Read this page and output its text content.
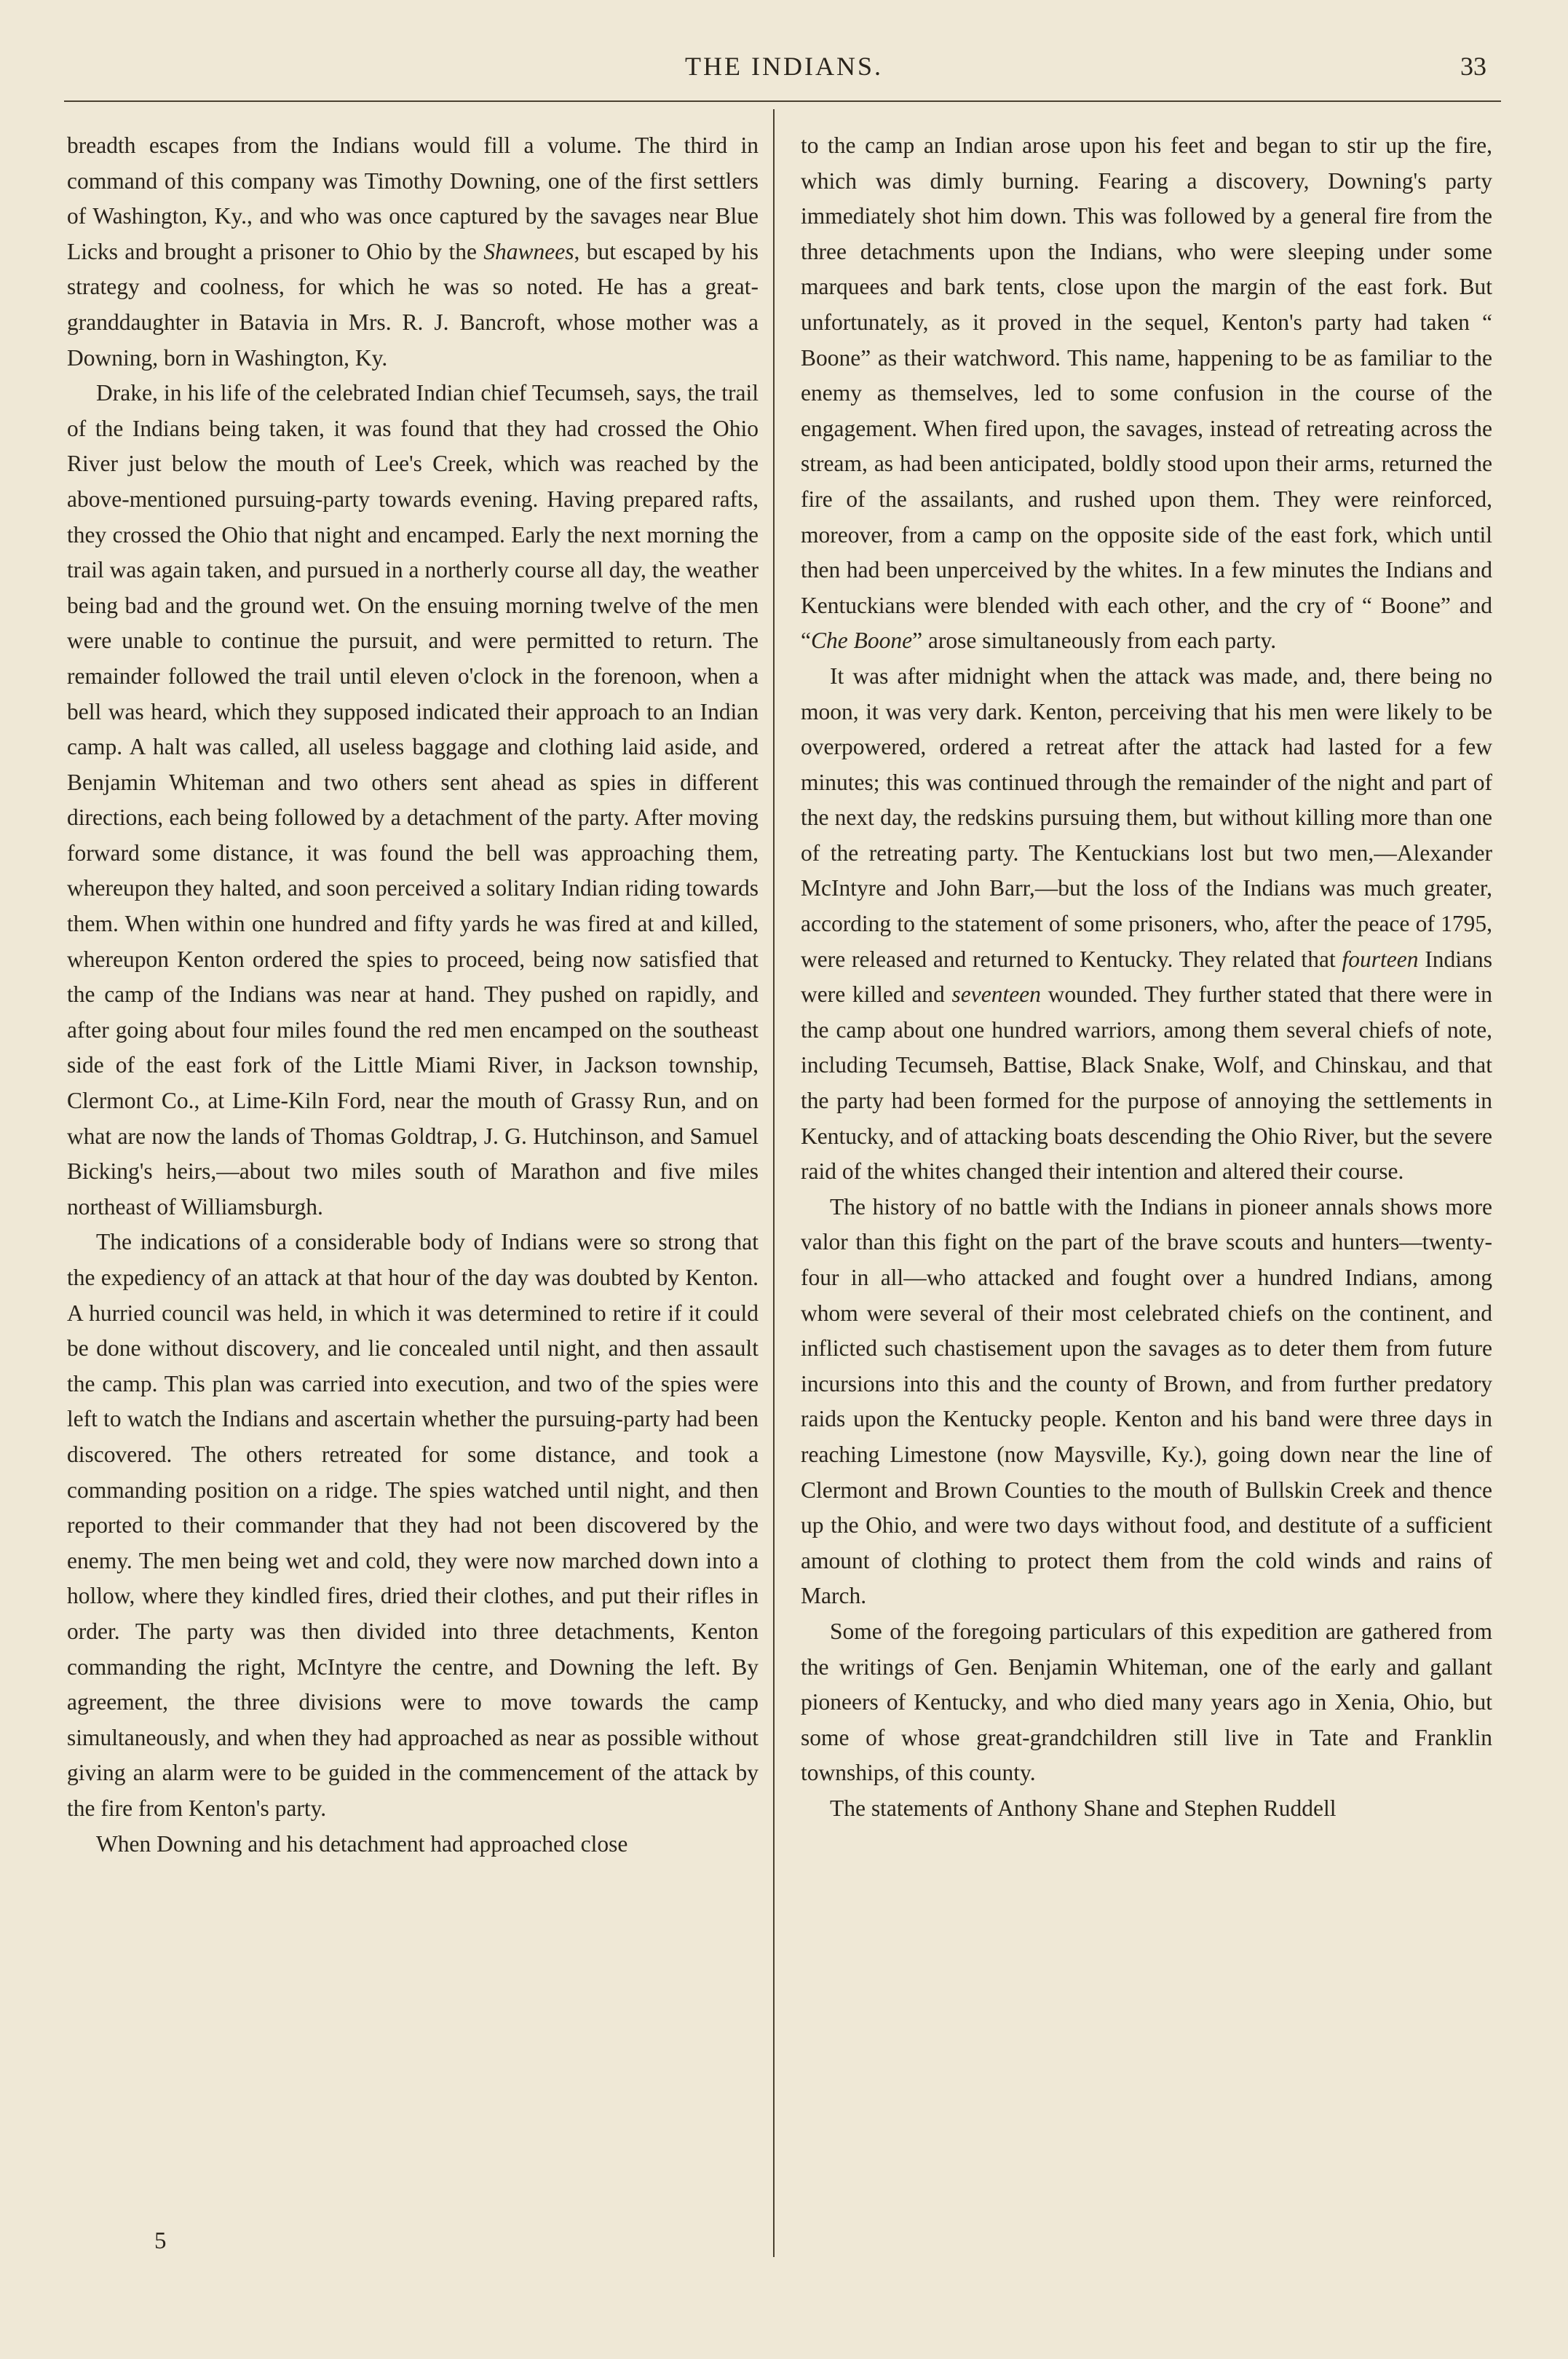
THE INDIANS.	33

breadth escapes from the Indians would fill a volume. The third in command of this company was Timothy Downing, one of the first settlers of Washington, Ky., and who was once captured by the savages near Blue Licks and brought a prisoner to Ohio by the Shawnees, but escaped by his strategy and coolness, for which he was so noted. He has a great-granddaughter in Batavia in Mrs. R. J. Bancroft, whose mother was a Downing, born in Washington, Ky.

Drake, in his life of the celebrated Indian chief Tecumseh, says, the trail of the Indians being taken, it was found that they had crossed the Ohio River just below the mouth of Lee's Creek, which was reached by the above-mentioned pursuing-party towards evening. Having prepared rafts, they crossed the Ohio that night and encamped. Early the next morning the trail was again taken, and pursued in a northerly course all day, the weather being bad and the ground wet. On the ensuing morning twelve of the men were unable to continue the pursuit, and were permitted to return. The remainder followed the trail until eleven o'clock in the forenoon, when a bell was heard, which they supposed indicated their approach to an Indian camp. A halt was called, all useless baggage and clothing laid aside, and Benjamin Whiteman and two others sent ahead as spies in different directions, each being followed by a detachment of the party. After moving forward some distance, it was found the bell was approaching them, whereupon they halted, and soon perceived a solitary Indian riding towards them. When within one hundred and fifty yards he was fired at and killed, whereupon Kenton ordered the spies to proceed, being now satisfied that the camp of the Indians was near at hand. They pushed on rapidly, and after going about four miles found the red men encamped on the southeast side of the east fork of the Little Miami River, in Jackson township, Clermont Co., at Lime-Kiln Ford, near the mouth of Grassy Run, and on what are now the lands of Thomas Goldtrap, J. G. Hutchinson, and Samuel Bicking's heirs,—about two miles south of Marathon and five miles northeast of Williamsburgh.

The indications of a considerable body of Indians were so strong that the expediency of an attack at that hour of the day was doubted by Kenton. A hurried council was held, in which it was determined to retire if it could be done without discovery, and lie concealed until night, and then assault the camp. This plan was carried into execution, and two of the spies were left to watch the Indians and ascertain whether the pursuing-party had been discovered. The others retreated for some distance, and took a commanding position on a ridge. The spies watched until night, and then reported to their commander that they had not been discovered by the enemy. The men being wet and cold, they were now marched down into a hollow, where they kindled fires, dried their clothes, and put their rifles in order. The party was then divided into three detachments, Kenton commanding the right, McIntyre the centre, and Downing the left. By agreement, the three divisions were to move towards the camp simultaneously, and when they had approached as near as possible without giving an alarm were to be guided in the commencement of the attack by the fire from Kenton's party.

When Downing and his detachment had approached close

5

to the camp an Indian arose upon his feet and began to stir up the fire, which was dimly burning. Fearing a discovery, Downing's party immediately shot him down. This was followed by a general fire from the three detachments upon the Indians, who were sleeping under some marquees and bark tents, close upon the margin of the east fork. But unfortunately, as it proved in the sequel, Kenton's party had taken “ Boone” as their watchword. This name, happening to be as familiar to the enemy as themselves, led to some confusion in the course of the engagement. When fired upon, the savages, instead of retreating across the stream, as had been anticipated, boldly stood upon their arms, returned the fire of the assailants, and rushed upon them. They were reinforced, moreover, from a camp on the opposite side of the east fork, which until then had been unperceived by the whites. In a few minutes the Indians and Kentuckians were blended with each other, and the cry of “ Boone” and “Che Boone” arose simultaneously from each party.

It was after midnight when the attack was made, and, there being no moon, it was very dark. Kenton, perceiving that his men were likely to be overpowered, ordered a retreat after the attack had lasted for a few minutes; this was continued through the remainder of the night and part of the next day, the redskins pursuing them, but without killing more than one of the retreating party. The Kentuckians lost but two men,—Alexander McIntyre and John Barr,—but the loss of the Indians was much greater, according to the statement of some prisoners, who, after the peace of 1795, were released and returned to Kentucky. They related that fourteen Indians were killed and seventeen wounded. They further stated that there were in the camp about one hundred warriors, among them several chiefs of note, including Tecumseh, Battise, Black Snake, Wolf, and Chinskau, and that the party had been formed for the purpose of annoying the settlements in Kentucky, and of attacking boats descending the Ohio River, but the severe raid of the whites changed their intention and altered their course.

The history of no battle with the Indians in pioneer annals shows more valor than this fight on the part of the brave scouts and hunters—twenty-four in all—who attacked and fought over a hundred Indians, among whom were several of their most celebrated chiefs on the continent, and inflicted such chastisement upon the savages as to deter them from future incursions into this and the county of Brown, and from further predatory raids upon the Kentucky people. Kenton and his band were three days in reaching Limestone (now Maysville, Ky.), going down near the line of Clermont and Brown Counties to the mouth of Bullskin Creek and thence up the Ohio, and were two days without food, and destitute of a sufficient amount of clothing to protect them from the cold winds and rains of March.

Some of the foregoing particulars of this expedition are gathered from the writings of Gen. Benjamin Whiteman, one of the early and gallant pioneers of Kentucky, and who died many years ago in Xenia, Ohio, but some of whose great-grandchildren still live in Tate and Franklin townships, of this county.

The statements of Anthony Shane and Stephen Ruddell
